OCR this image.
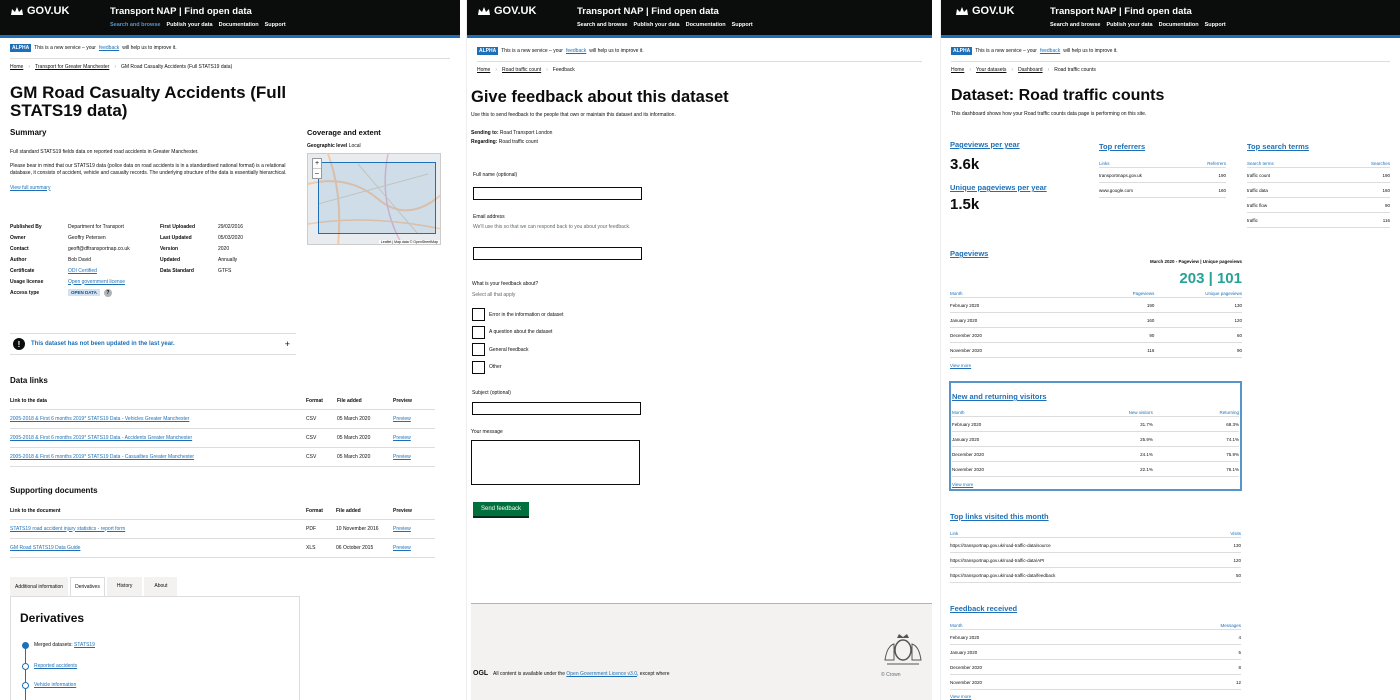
GOV.UK	Transport NAP | Find open data
Search and browse Publish your data Documentation Support
ALPHA	This is a new service – your feedback will help us to improve it.
Home › Transport for Greater Manchester › GM Road Casualty Accidents (Full STATS19 data)
GM Road Casualty Accidents (Full STATS19 data)
Summary

Full standard STATS19 fields data on reported road accidents in Greater Manchester.

Please bear in mind that our STATS19 data (police data on road accidents is in a standardised national format) is a relational database, it consists of accident, vehicle and casualty records. The underlying structure of the data is essentially hierarchical.

View full summary
Coverage and extent
Geographic level Local
+
–
Leaflet | Map data © OpenStreetMap
Published By	Department for Transport
Owner	Geoffry Petersen
Contact	geoff@dftransportnap.co.uk
Author	Bob David
Certificate	ODI Certified
Usage license	Open government license
Access type	OPEN DATA	?
First Uploaded	29/02/2016
Last Updated	05/03/2020
Version	2020
Updated	Annually
Data Standard	GTFS
!	This dataset has not been updated in the last year.	+
Data links
Link to the data	Format	File added	Preview
2005-2018 & First 6 months 2019* STATS19 Data - Vehicles Greater Manchester	CSV	05 March 2020	Preview
2005-2018 & First 6 months 2019* STATS19 Data - Accidents Greater Manchester	CSV	05 March 2020	Preview
2005-2018 & First 6 months 2019* STATS19 Data - Casualties Greater Manchester	CSV	05 March 2020	Preview
Supporting documents
Link to the document	Format	File added	Preview
STATS19 road accident injury statistics - report form	PDF	10 November 2016	Preview
GM Road STATS19 Data Guide	XLS	06 October 2015	Preview
Additional information	Derivatives	History	About
Derivatives
Merged datasets: STATS19
Reported accidents
Vehicle information
GOV.UK	Transport NAP | Find open data
Search and browse Publish your data Documentation Support
ALPHA	This is a new service – your feedback will help us to improve it.
Home › Road traffic count › Feedback
Give feedback about this dataset

Use this to send feedback to the people that own or maintain this dataset and its information.

Sending to: Road Transport London

Regarding: Road traffic count

Full name (optional)
Email address
We'll use this so that we can respond back to you about your feedback.
What is your feedback about?
Select all that apply
Error in the information or dataset
A question about the dataset
General feedback
Other
Subject (optional)
Your message
Send feedback
OGL All content is available under the Open Government Licence v3.0, except where	© Crown
GOV.UK	Transport NAP | Find open data
Search and browse Publish your data Documentation Support
ALPHA	This is a new service – your feedback will help us to improve it.
Home › Your datasets › Dashboard › Road traffic counts
Dataset: Road traffic counts

This dashboard shows how your Road traffic counts data page is performing on this site.

Pageviews per year
3.6k
Unique pageviews per year
1.5k
Top referrers
Links	Referrers
transportmaps.gov.uk	190
www.google.com	160
Top search terms
Search terms	Searches
traffic count	190
traffic data	160
traffic flow	90
traffic	116
Pageviews
March 2020 - Pageview | Unique pageviews
203 | 101
Month	Pageviews	Unique pageviews
February 2020	190	130
January 2020	160	120
December 2020	90	60
November 2020	116	90
View more
New and returning visitors
Month	New visitors	Returning
February 2020	31.7%	68.3%
January 2020	25.9%	74.1%
December 2020	24.1%	75.9%
November 2020	22.1%	76.1%
View more
Top links visited this month
Link	Visits
https://transportnap.gov.uk/road-traffic-data/source	130
https://transportnap.gov.uk/road-traffic-data/API	120
https://transportnap.gov.uk/road-traffic-data/feedback	50
Feedback received
Month	Messages
February 2020	4
January 2020	5
December 2020	8
November 2020	12
View more
